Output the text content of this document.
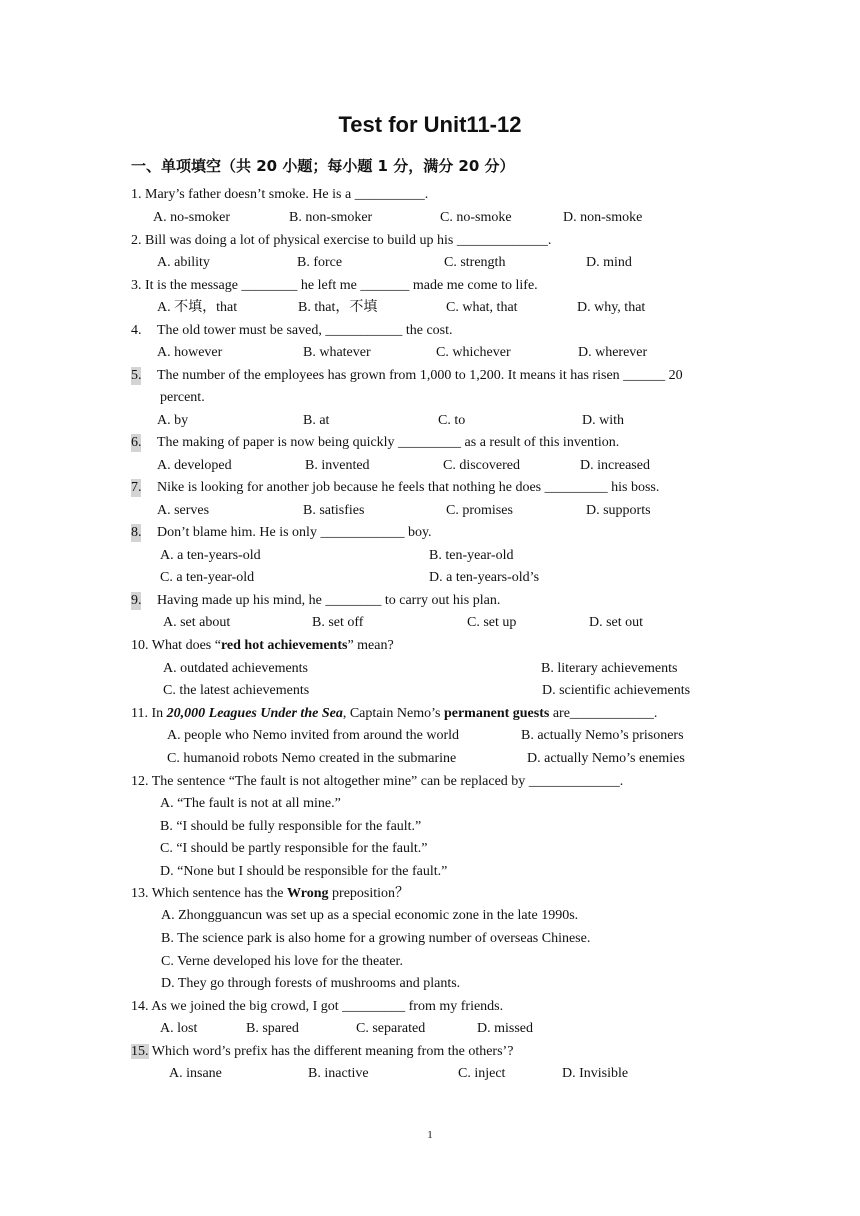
Test for Unit11-12
一、单项填空（共 20 小题；每小题 1 分，满分 20 分）
1. Mary’s father doesn’t smoke. He is a __________.
A. no-smoker	B. non-smoker	C. no-smoke	D. non-smoke
2. Bill was doing a lot of physical exercise to build up his _____________.
A. ability	B. force	C. strength	D. mind
3. It is the message ________ he left me _______ made me come to life.
A. 不填，that	B. that，不填	C. what, that	D. why, that
4. The old tower must be saved, ___________ the cost.
A. however	B. whatever	C. whichever	D. wherever
5. The number of the employees has grown from 1,000 to 1,200. It means it has risen ______ 20
percent.
A. by	B. at	C. to	D. with
6. The making of paper is now being quickly _________ as a result of this invention.
A. developed	B. invented	C. discovered	D. increased
7. Nike is looking for another job because he feels that nothing he does _________ his boss.
A. serves	B. satisfies	C. promises	D. supports
8. Don’t blame him. He is only ____________ boy.
A. a ten-years-old	B. ten-year-old
C. a ten-year-old	D. a ten-years-old’s
9. Having made up his mind, he ________ to carry out his plan.
A. set about	B. set off	C. set up	D. set out
10. What does “red hot achievements” mean?
A. outdated achievements	B. literary achievements
C. the latest achievements	D. scientific achievements
11. In 20,000 Leagues Under the Sea, Captain Nemo’s permanent guests are____________.
A. people who Nemo invited from around the world	B. actually Nemo’s prisoners
C. humanoid robots Nemo created in the submarine	D. actually Nemo’s enemies
12. The sentence “The fault is not altogether mine” can be replaced by _____________.
A. “The fault is not at all mine.”
B. “I should be fully responsible for the fault.”
C. “I should be partly responsible for the fault.”
D. “None but I should be responsible for the fault.”
13. Which sentence has the Wrong preposition？
A. Zhongguancun was set up as a special economic zone in the late 1990s.
B. The science park is also home for a growing number of overseas Chinese.
C. Verne developed his love for the theater.
D. They go through forests of mushrooms and plants.
14. As we joined the big crowd, I got _________ from my friends.
A. lost	B. spared	C. separated	D. missed
15. Which word’s prefix has the different meaning from the others’?
A. insane	B. inactive	C. inject	D. Invisible
1
